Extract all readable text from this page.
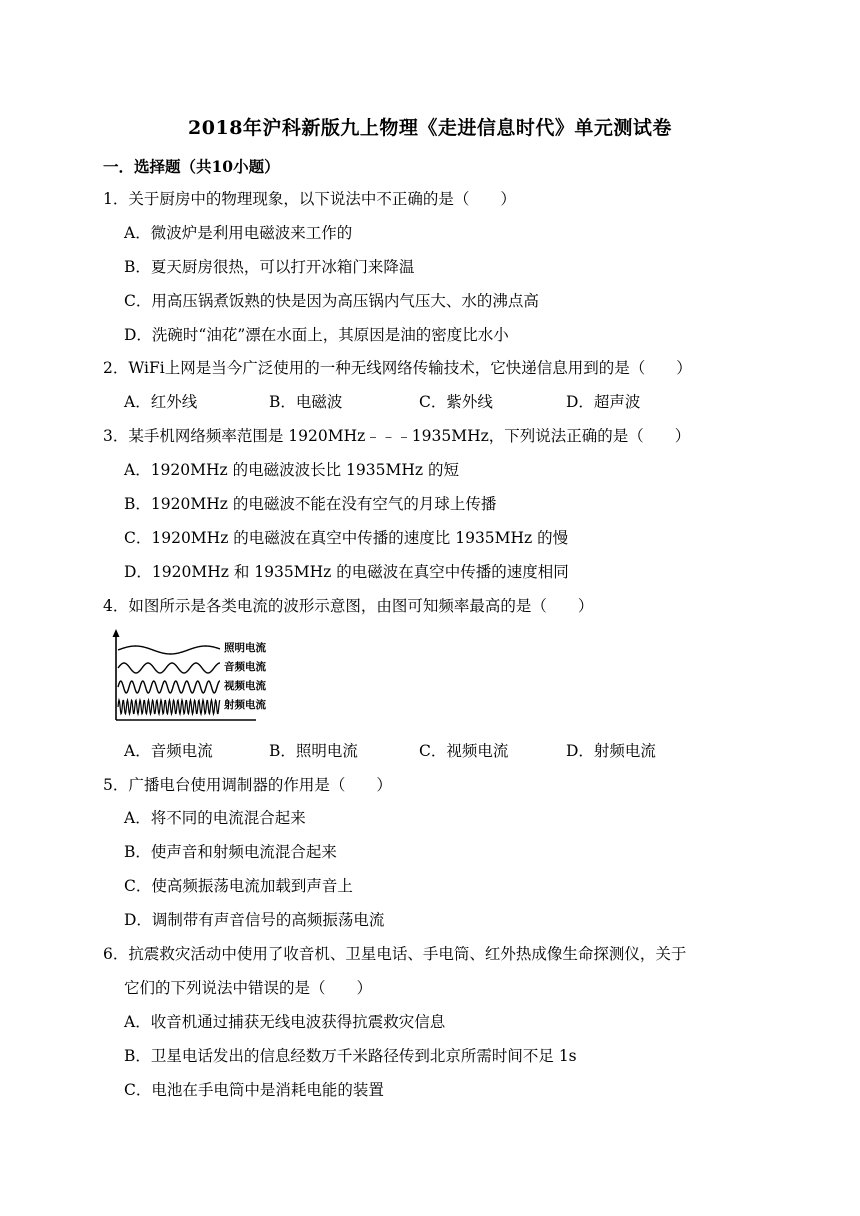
2018年沪科新版九上物理《走进信息时代》单元测试卷
一．选择题（共10小题）
1．关于厨房中的物理现象，以下说法中不正确的是（　　）
A．微波炉是利用电磁波来工作的
B．夏天厨房很热，可以打开冰箱门来降温
C．用高压锅煮饭熟的快是因为高压锅内气压大、水的沸点高
D．洗碗时“油花”漂在水面上，其原因是油的密度比水小
2．WiFi上网是当今广泛使用的一种无线网络传输技术，它快递信息用到的是（　　）
A．红外线	B．电磁波	C．紫外线	D．超声波
3．某手机网络频率范围是 1920MHz﹣﹣﹣1935MHz，下列说法正确的是（　　）
A．1920MHz 的电磁波波长比 1935MHz 的短
B．1920MHz 的电磁波不能在没有空气的月球上传播
C．1920MHz 的电磁波在真空中传播的速度比 1935MHz 的慢
D．1920MHz 和 1935MHz 的电磁波在真空中传播的速度相同
4．如图所示是各类电流的波形示意图，由图可知频率最高的是（　　）
照明电流
音频电流
视频电流
射频电流
A．音频电流	B．照明电流	C．视频电流	D．射频电流
5．广播电台使用调制器的作用是（　　）
A．将不同的电流混合起来
B．使声音和射频电流混合起来
C．使高频振荡电流加载到声音上
D．调制带有声音信号的高频振荡电流
6．抗震救灾活动中使用了收音机、卫星电话、手电筒、红外热成像生命探测仪，关于
它们的下列说法中错误的是（　　）
A．收音机通过捕获无线电波获得抗震救灾信息
B．卫星电话发出的信息经数万千米路径传到北京所需时间不足 1s
C．电池在手电筒中是消耗电能的装置
